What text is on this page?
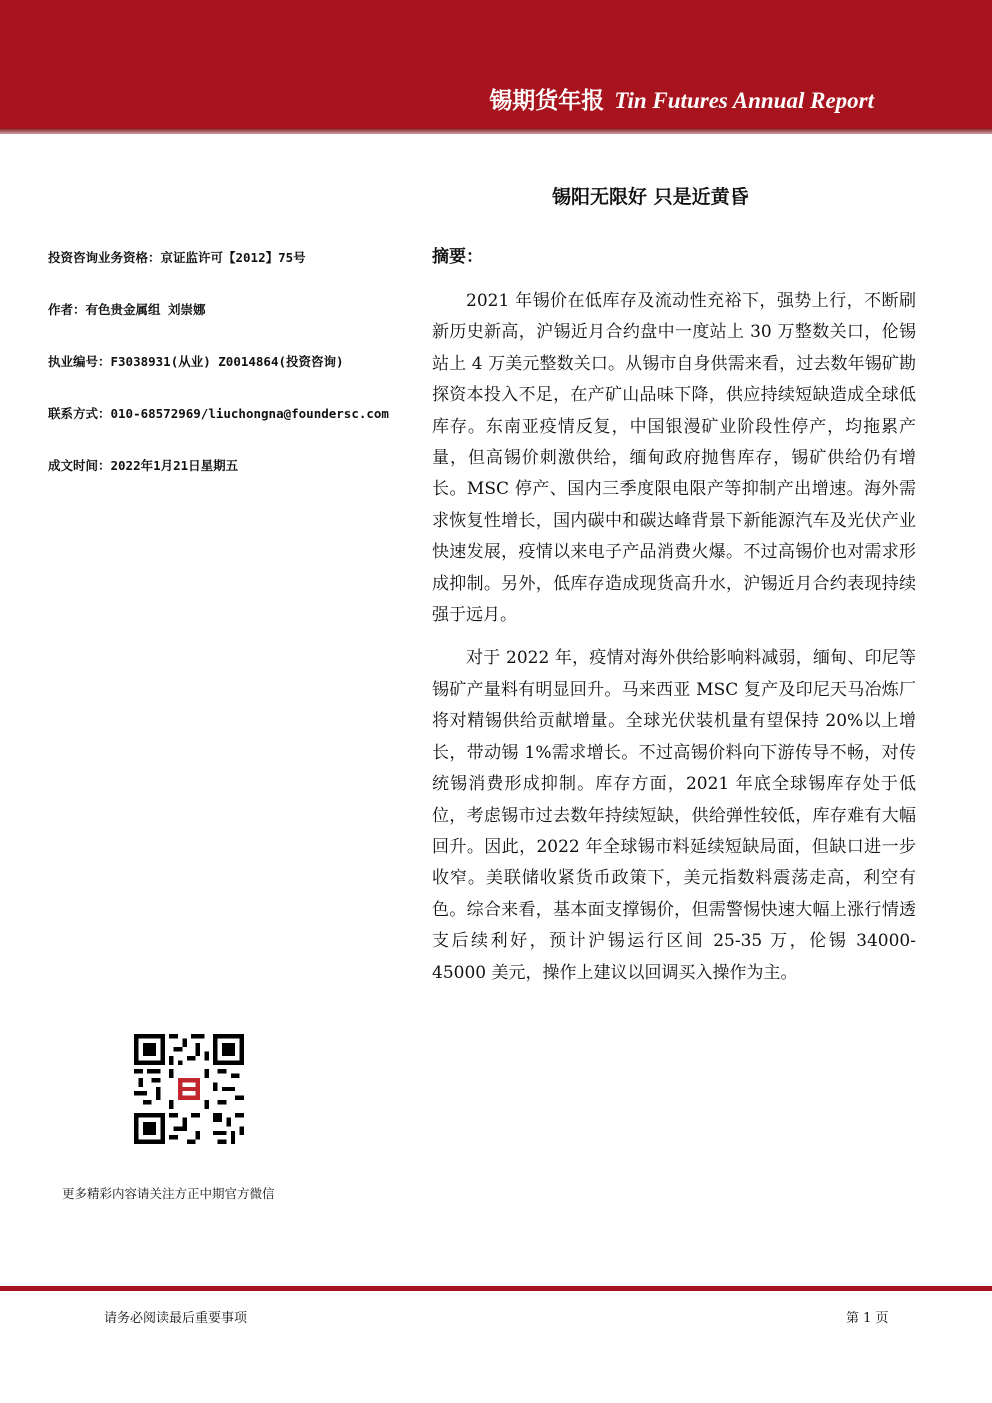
锡期货年报 Tin Futures Annual Report
锡阳无限好 只是近黄昏
投资咨询业务资格：京证监许可【2012】75号
作者：有色贵金属组 刘崇娜
执业编号：F3038931(从业) Z0014864(投资咨询)
联系方式：010-68572969/liuchongna@foundersc.com
成文时间：2022年1月21日星期五
摘要：

2021 年锡价在低库存及流动性充裕下，强势上行，不断刷新历史新高，沪锡近月合约盘中一度站上 30 万整数关口，伦锡站上 4 万美元整数关口。从锡市自身供需来看，过去数年锡矿勘探资本投入不足，在产矿山品味下降，供应持续短缺造成全球低库存。东南亚疫情反复，中国银漫矿业阶段性停产，均拖累产量，但高锡价刺激供给，缅甸政府抛售库存，锡矿供给仍有增长。MSC 停产、国内三季度限电限产等抑制产出增速。海外需求恢复性增长，国内碳中和碳达峰背景下新能源汽车及光伏产业快速发展，疫情以来电子产品消费火爆。不过高锡价也对需求形成抑制。另外，低库存造成现货高升水，沪锡近月合约表现持续强于远月。

对于 2022 年，疫情对海外供给影响料减弱，缅甸、印尼等锡矿产量料有明显回升。马来西亚 MSC 复产及印尼天马冶炼厂将对精锡供给贡献增量。全球光伏装机量有望保持 20%以上增长，带动锡 1%需求增长。不过高锡价料向下游传导不畅，对传统锡消费形成抑制。库存方面，2021 年底全球锡库存处于低位，考虑锡市过去数年持续短缺，供给弹性较低，库存难有大幅回升。因此，2022 年全球锡市料延续短缺局面，但缺口进一步收窄。美联储收紧货币政策下，美元指数料震荡走高，利空有色。综合来看，基本面支撑锡价，但需警惕快速大幅上涨行情透支后续利好，预计沪锡运行区间 25-35 万，伦锡 34000-45000 美元，操作上建议以回调买入操作为主。

更多精彩内容请关注方正中期官方微信
请务必阅读最后重要事项	第 1 页
